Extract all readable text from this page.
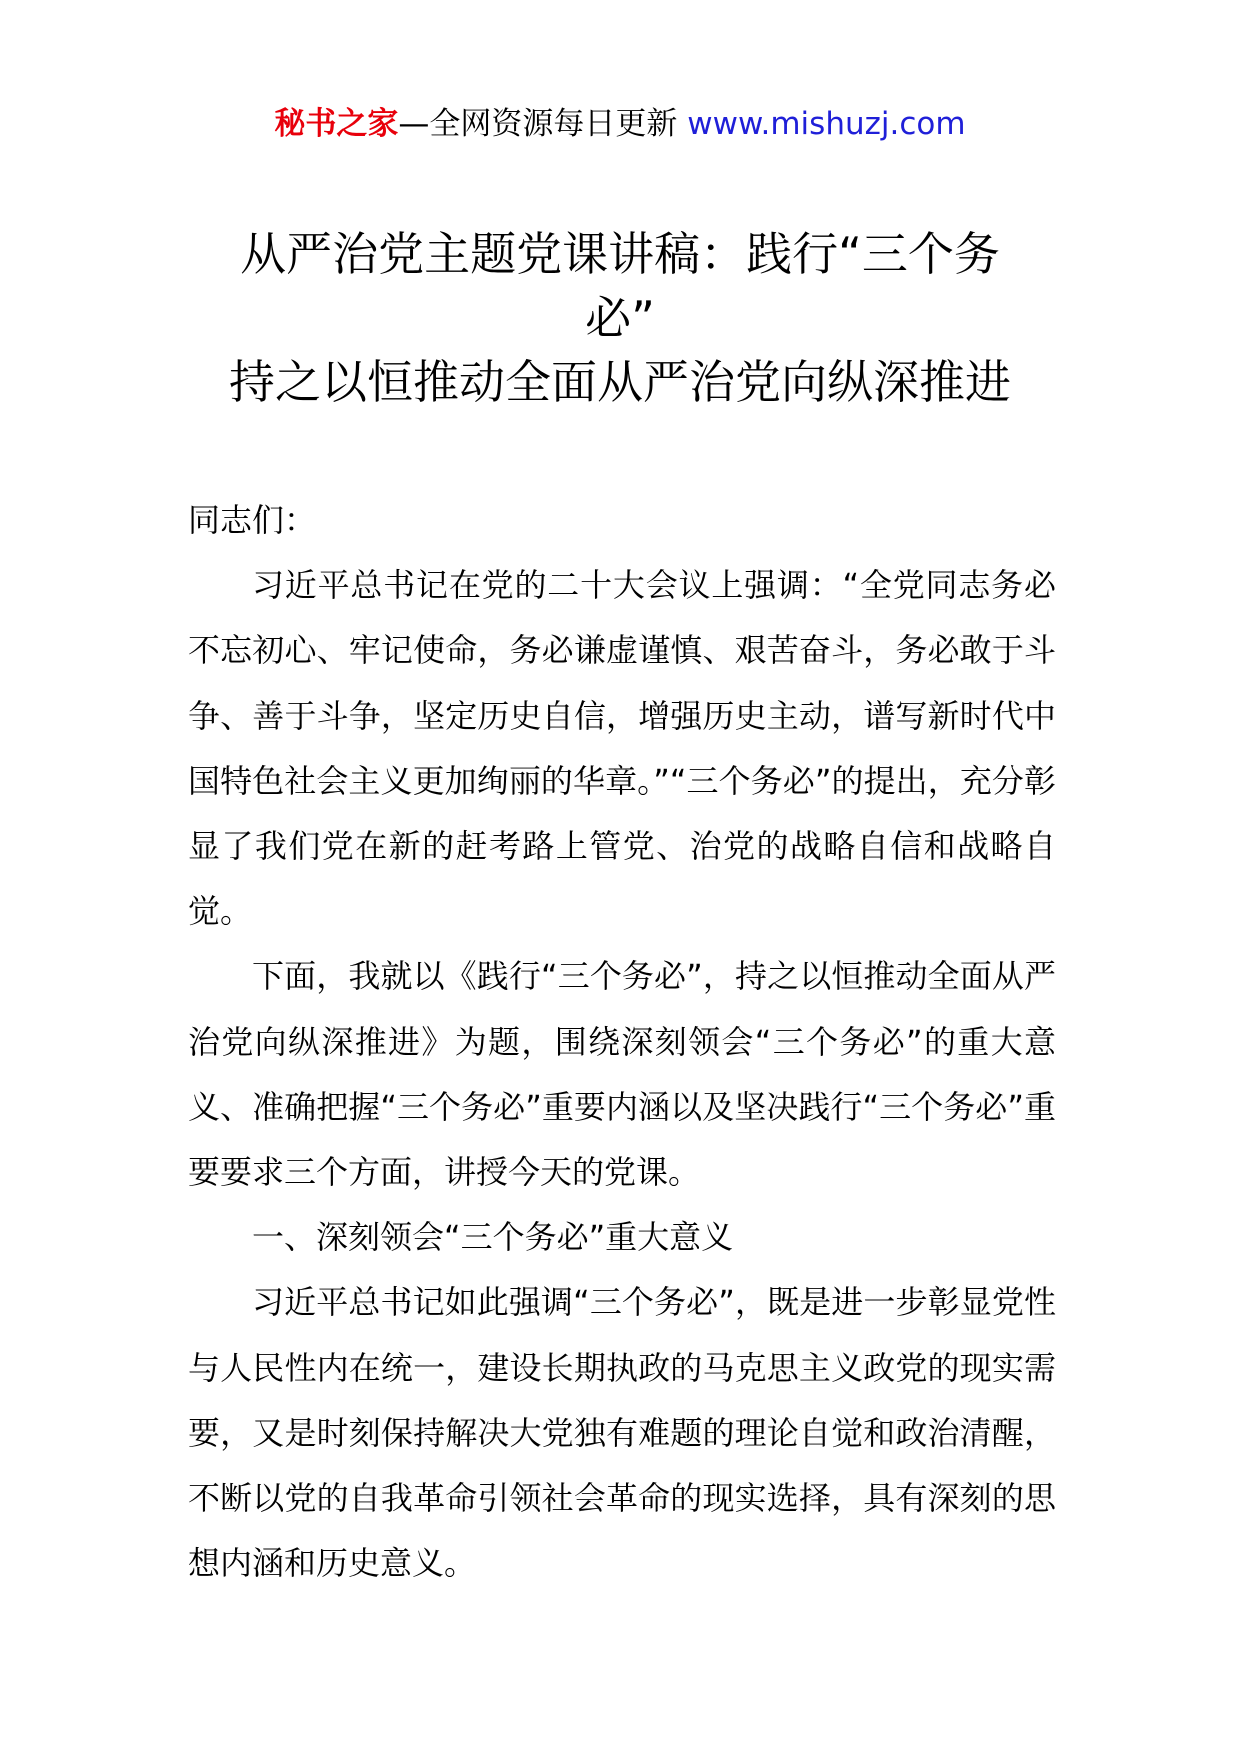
秘书之家—全网资源每日更新 www.mishuzj.com
从严治党主题党课讲稿：践行“三个务
必”
持之以恒推动全面从严治党向纵深推进

同志们：

习近平总书记在党的二十大会议上强调：“全党同志务必不忘初心、牢记使命，务必谦虚谨慎、艰苦奋斗，务必敢于斗争、善于斗争，坚定历史自信，增强历史主动，谱写新时代中国特色社会主义更加绚丽的华章。”“三个务必”的提出，充分彰显了我们党在新的赶考路上管党、治党的战略自信和战略自觉。

下面，我就以《践行“三个务必”，持之以恒推动全面从严治党向纵深推进》为题，围绕深刻领会“三个务必”的重大意义、准确把握“三个务必”重要内涵以及坚决践行“三个务必”重要要求三个方面，讲授今天的党课。

一、深刻领会“三个务必”重大意义

习近平总书记如此强调“三个务必”，既是进一步彰显党性与人民性内在统一，建设长期执政的马克思主义政党的现实需要，又是时刻保持解决大党独有难题的理论自觉和政治清醒，不断以党的自我革命引领社会革命的现实选择，具有深刻的思想内涵和历史意义。
